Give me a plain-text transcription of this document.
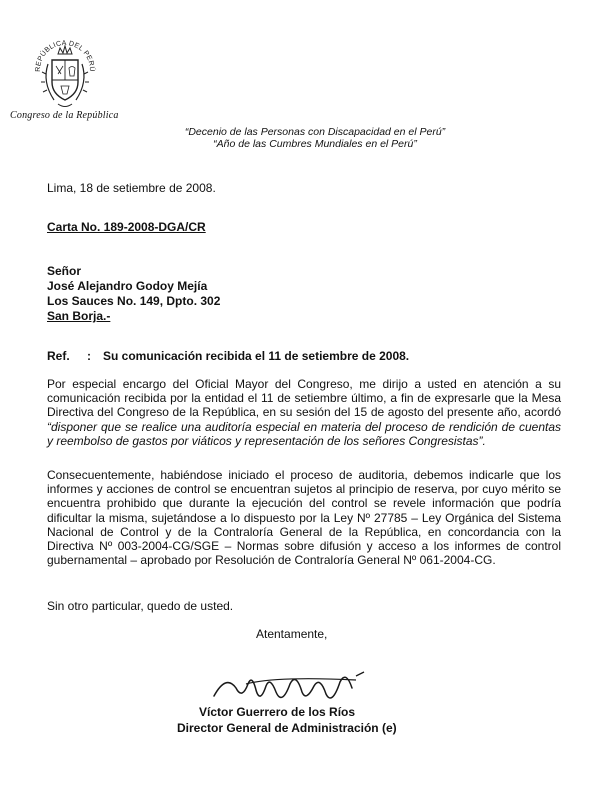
REPÚBLICA DEL PERÚ
Congreso de la República
“Decenio de las Personas con Discapacidad en el Perú”
“Año de las Cumbres Mundiales en el Perú”
Lima, 18 de setiembre de 2008.
Carta No. 189-2008-DGA/CR
Señor
José Alejandro Godoy Mejía
Los Sauces No. 149, Dpto. 302
San Borja.-
Ref. : Su comunicación recibida el 11 de setiembre de 2008.
Por especial encargo del Oficial Mayor del Congreso, me dirijo a usted en atención a su comunicación recibida por la entidad el 11 de setiembre último, a fin de expresarle que la Mesa Directiva del Congreso de la República, en su sesión del 15 de agosto del presente año, acordó “disponer que se realice una auditoría especial en materia del proceso de rendición de cuentas y reembolso de gastos por viáticos y representación de los señores Congresistas”.
Consecuentemente, habiéndose iniciado el proceso de auditoria, debemos indicarle que los informes y acciones de control se encuentran sujetos al principio de reserva, por cuyo mérito se encuentra prohibido que durante la ejecución del control se revele información que podría dificultar la misma, sujetándose a lo dispuesto por la Ley Nº 27785 – Ley Orgánica del Sistema Nacional de Control y de la Contraloría General de la República, en concordancia con la Directiva Nº 003-2004-CG/SGE – Normas sobre difusión y acceso a los informes de control gubernamental – aprobado por Resolución de Contraloría General Nº 061-2004-CG.
Sin otro particular, quedo de usted.
Atentamente,
Víctor Guerrero de los Ríos
Director General de Administración (e)
